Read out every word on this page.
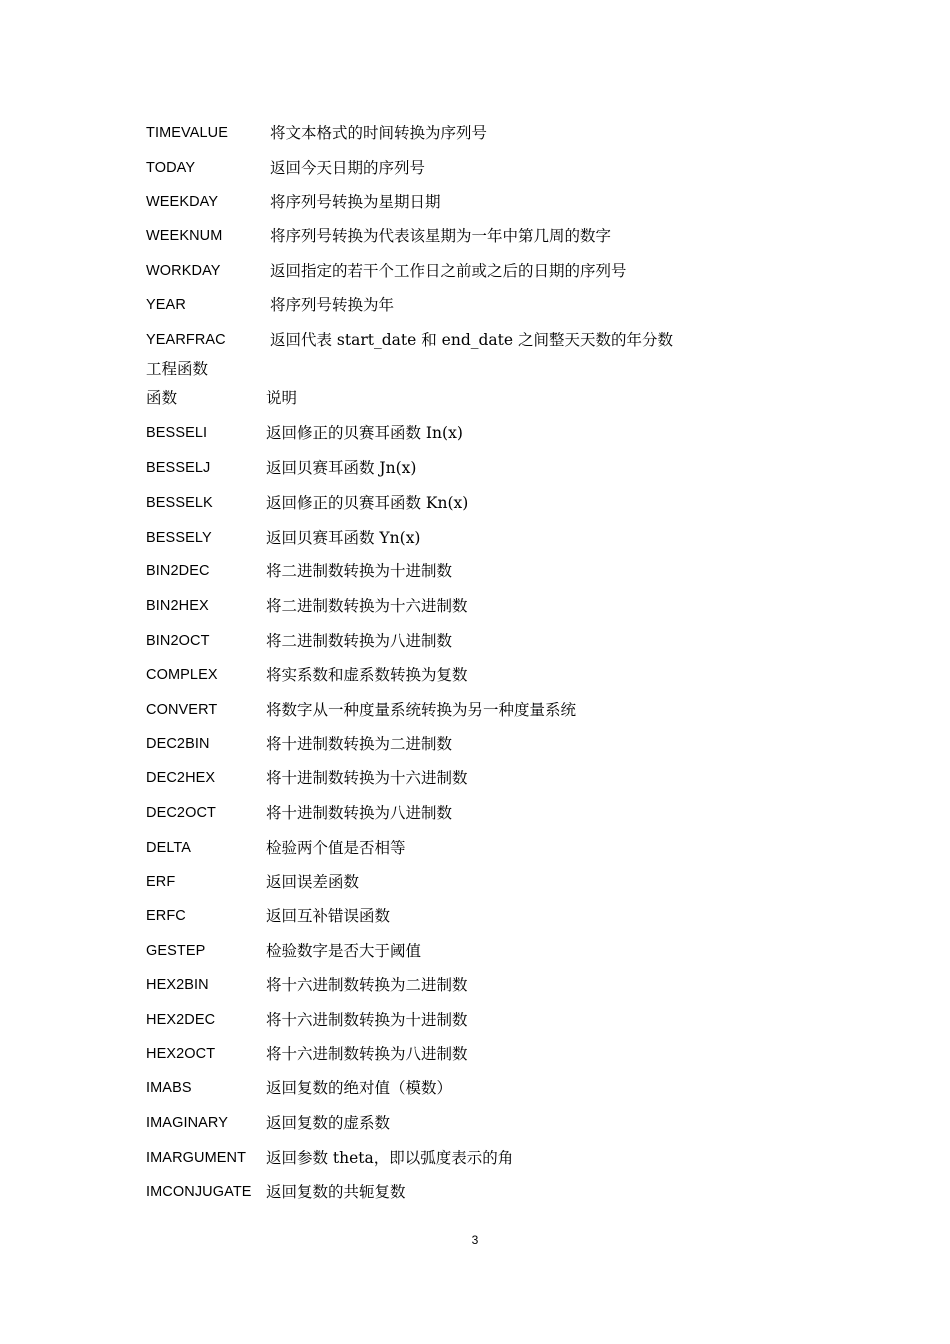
TIMEVALUE	将文本格式的时间转换为序列号
TODAY	返回今天日期的序列号
WEEKDAY	将序列号转换为星期日期
WEEKNUM	将序列号转换为代表该星期为一年中第几周的数字
WORKDAY	返回指定的若干个工作日之前或之后的日期的序列号
YEAR	将序列号转换为年
YEARFRAC	返回代表 start_date 和 end_date 之间整天天数的年分数
工程函数
函数	说明
BESSELI	返回修正的贝赛耳函数 In(x)
BESSELJ	返回贝赛耳函数 Jn(x)
BESSELK	返回修正的贝赛耳函数 Kn(x)
BESSELY	返回贝赛耳函数 Yn(x)
BIN2DEC	将二进制数转换为十进制数
BIN2HEX	将二进制数转换为十六进制数
BIN2OCT	将二进制数转换为八进制数
COMPLEX	将实系数和虚系数转换为复数
CONVERT	将数字从一种度量系统转换为另一种度量系统
DEC2BIN	将十进制数转换为二进制数
DEC2HEX	将十进制数转换为十六进制数
DEC2OCT	将十进制数转换为八进制数
DELTA	检验两个值是否相等
ERF	返回误差函数
ERFC	返回互补错误函数
GESTEP	检验数字是否大于阈值
HEX2BIN	将十六进制数转换为二进制数
HEX2DEC	将十六进制数转换为十进制数
HEX2OCT	将十六进制数转换为八进制数
IMABS	返回复数的绝对值（模数）
IMAGINARY 返回复数的虚系数
IMARGUMENT 返回参数 theta，即以弧度表示的角
IMCONJUGATE 返回复数的共轭复数
3
